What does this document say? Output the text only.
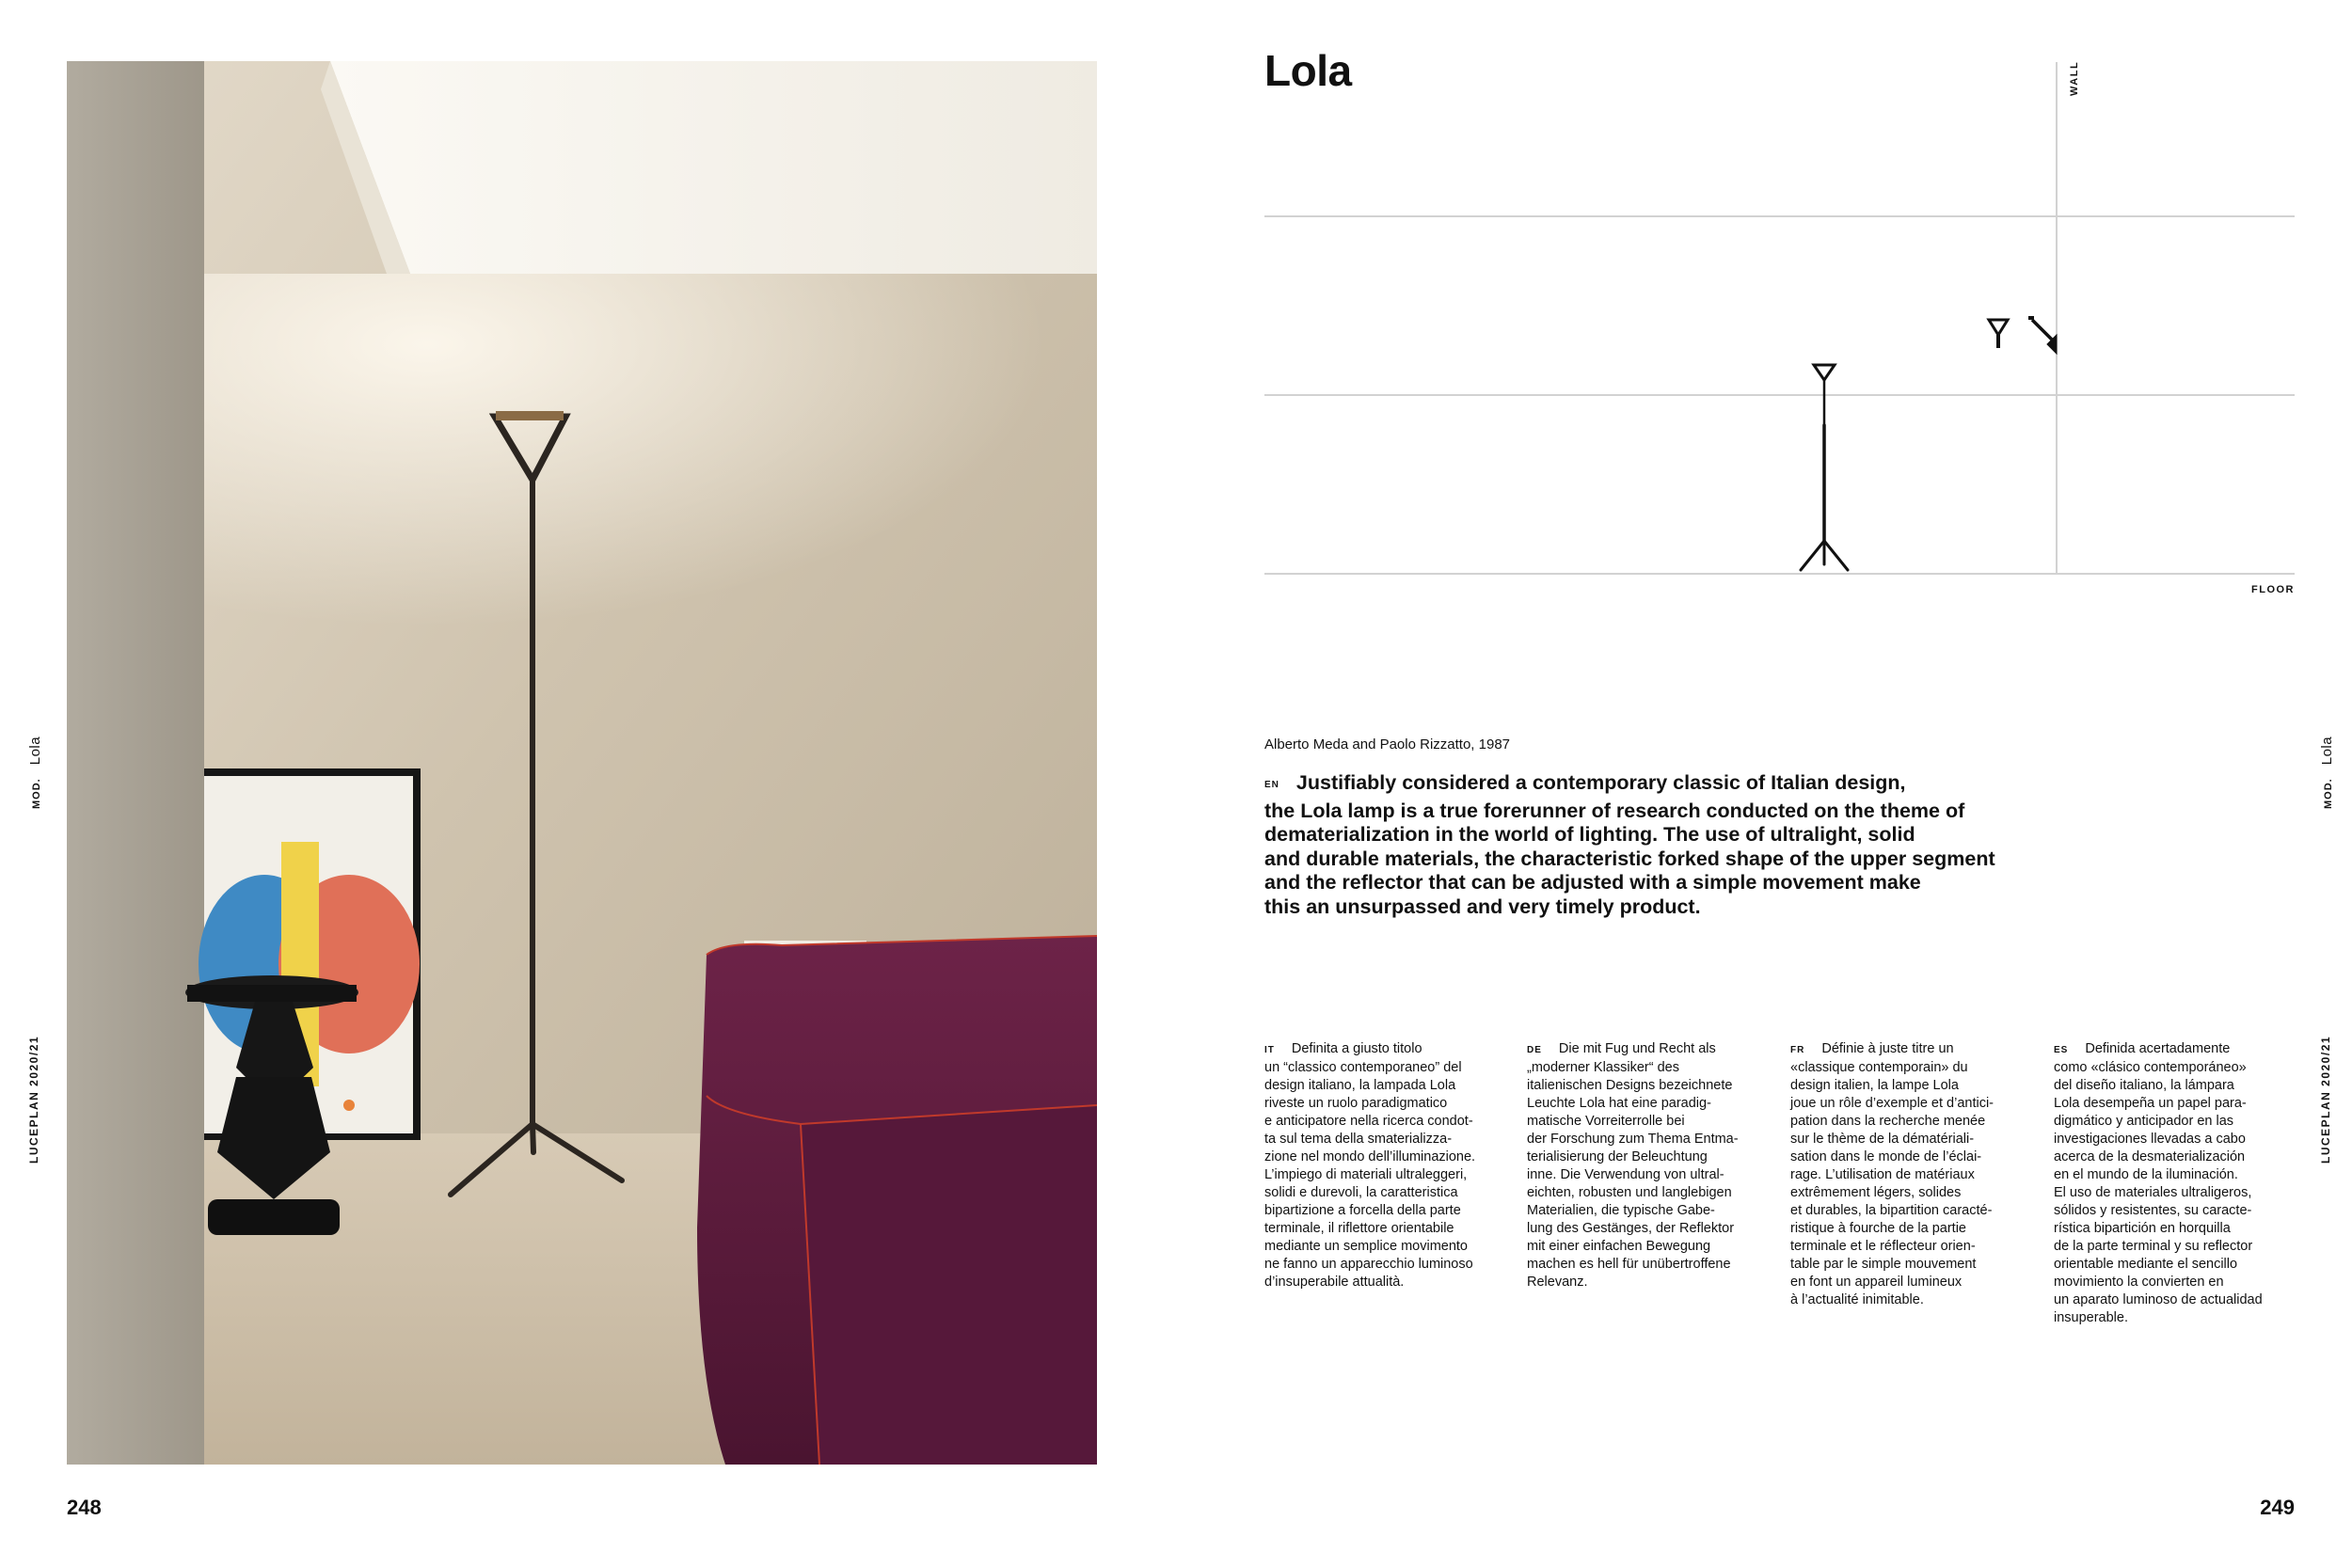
MOD.Lola
LUCEPLAN 2020/21
248
Lola	WALL
FLOOR
Alberto Meda and Paolo Rizzatto, 1987

EN Justifiably considered a contemporary classic of Italian design,

the Lola lamp is a true forerunner of research conducted on the theme of

dematerialization in the world of lighting. The use of ultralight, solid

and durable materials, the characteristic forked shape of the upper segment

and the reflector that can be adjusted with a simple movement make

this an unsurpassed and very timely product.

IT Definita a giusto titolo

un “classico contemporaneo” del

design italiano, la lampada Lola

riveste un ruolo paradigmatico

e anticipatore nella ricerca condot-

ta sul tema della smaterializza-

zione nel mondo dell’illuminazione.

L’impiego di materiali ultraleggeri,

solidi e durevoli, la caratteristica

bipartizione a forcella della parte

terminale, il riflettore orientabile

mediante un semplice movimento

ne fanno un apparecchio luminoso

d’insuperabile attualità.

DE Die mit Fug und Recht als

„moderner Klassiker“ des

italienischen Designs bezeichnete

Leuchte Lola hat eine paradig-

matische Vorreiterrolle bei

der Forschung zum Thema Entma-

terialisierung der Beleuchtung

inne. Die Verwendung von ultral-

eichten, robusten und langlebigen

Materialien, die typische Gabe-

lung des Gestänges, der Reflektor

mit einer einfachen Bewegung

machen es hell für unübertroffene

Relevanz.

FR Définie à juste titre un

«classique contemporain» du

design italien, la lampe Lola

joue un rôle d’exemple et d’antici-

pation dans la recherche menée

sur le thème de la dématériali-

sation dans le monde de l’éclai-

rage. L’utilisation de matériaux

extrêmement légers, solides

et durables, la bipartition caracté-

ristique à fourche de la partie

terminale et le réflecteur orien-

table par le simple mouvement

en font un appareil lumineux

à l’actualité inimitable.

ES Definida acertadamente

como «clásico contemporáneo»

del diseño italiano, la lámpara

Lola desempeña un papel para-

digmático y anticipador en las

investigaciones llevadas a cabo

acerca de la desmaterialización

en el mundo de la iluminación.

El uso de materiales ultraligeros,

sólidos y resistentes, su caracte-

rística bipartición en horquilla

de la parte terminal y su reflector

orientable mediante el sencillo

movimiento la convierten en

un aparato luminoso de actualidad

insuperable.

MOD.Lola
LUCEPLAN 2020/21
249
